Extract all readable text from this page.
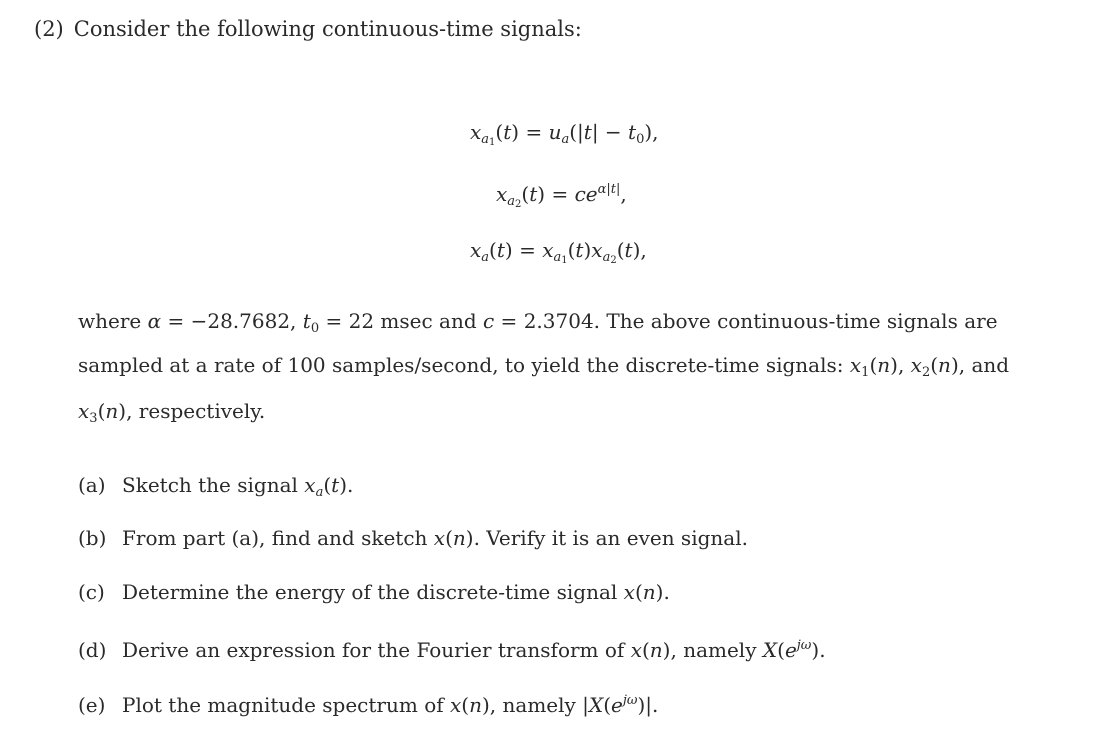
(2) Consider the following continuous-time signals:
$x_{a_1}(t) = u_a(|t| - t_0)$,
$x_{a_2}(t) = ce^{\alpha|t|}$,
$x_a(t) = x_{a_1}(t)x_{a_2}(t)$,
where α = −28.7682, $t_0 = 22$ msec and c = 2.3704. The above continuous-time signals are
sampled at a rate of 100 samples/second, to yield the discrete-time signals: $x_1(n)$, $x_2(n)$, and
$x_3(n)$, respectively.
(a) Sketch the signal $x_a(t)$.
(b) From part (a), find and sketch x(n). Verify it is an even signal.
(c) Determine the energy of the discrete-time signal x(n).
(d) Derive an expression for the Fourier transform of x(n), namely $X(e^{j\omega})$.
(e) Plot the magnitude spectrum of x(n), namely $|X(e^{j\omega})|$.
